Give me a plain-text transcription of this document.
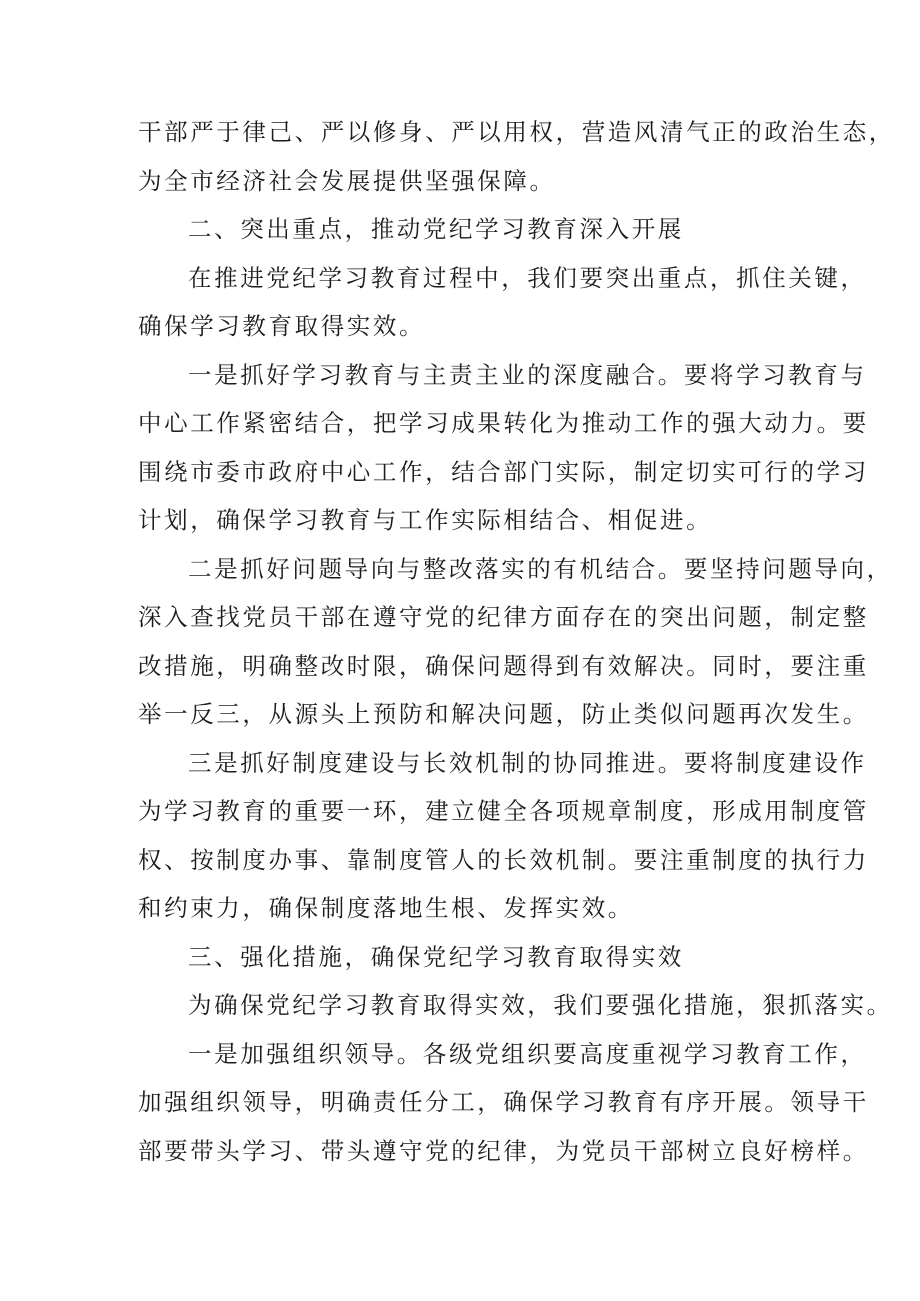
干部严于律己、严以修身、严以用权，营造风清气正的政治生态，
为全市经济社会发展提供坚强保障。

二、突出重点，推动党纪学习教育深入开展

在推进党纪学习教育过程中，我们要突出重点，抓住关键，
确保学习教育取得实效。

一是抓好学习教育与主责主业的深度融合。要将学习教育与
中心工作紧密结合，把学习成果转化为推动工作的强大动力。要
围绕市委市政府中心工作，结合部门实际，制定切实可行的学习
计划，确保学习教育与工作实际相结合、相促进。

二是抓好问题导向与整改落实的有机结合。要坚持问题导向，
深入查找党员干部在遵守党的纪律方面存在的突出问题，制定整
改措施，明确整改时限，确保问题得到有效解决。同时，要注重
举一反三，从源头上预防和解决问题，防止类似问题再次发生。

三是抓好制度建设与长效机制的协同推进。要将制度建设作
为学习教育的重要一环，建立健全各项规章制度，形成用制度管
权、按制度办事、靠制度管人的长效机制。要注重制度的执行力
和约束力，确保制度落地生根、发挥实效。

三、强化措施，确保党纪学习教育取得实效

为确保党纪学习教育取得实效，我们要强化措施，狠抓落实。

一是加强组织领导。各级党组织要高度重视学习教育工作，
加强组织领导，明确责任分工，确保学习教育有序开展。领导干
部要带头学习、带头遵守党的纪律，为党员干部树立良好榜样。
